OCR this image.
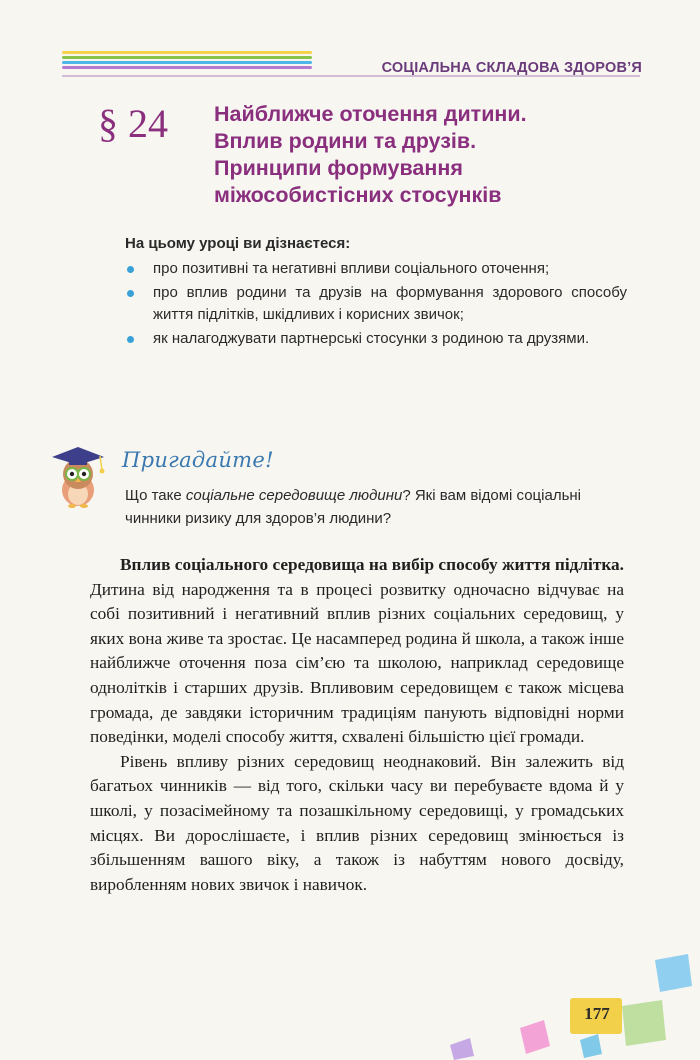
СОЦІАЛЬНА СКЛАДОВА ЗДОРОВ’Я
§ 24 Найближче оточення дитини.
Вплив родини та друзів.
Принципи формування
міжособистісних стосунків
На цьому уроці ви дізнаєтеся:
про позитивні та негативні впливи соціального оточення;
про вплив родини та друзів на формування здорового способу життя підлітків, шкідливих і корисних звичок;
як налагоджувати партнерські стосунки з родиною та друзями.
Пригадайте!
Що таке соціальне середовище людини? Які вам відомі соціальні чинники ризику для здоров’я людини?

Вплив соціального середовища на вибір способу життя підлітка. Дитина від народження та в процесі розвитку одночасно відчуває на собі позитивний і негативний вплив різних соціальних середовищ, у яких вона живе та зростає. Це насамперед родина й школа, а також інше найближче оточення поза сім’єю та школою, наприклад середовище однолітків і старших друзів. Впливовим середовищем є також місцева громада, де завдяки історичним традиціям панують відповідні норми поведінки, моделі способу життя, схвалені більшістю цієї громади.

Рівень впливу різних середовищ неоднаковий. Він залежить від багатьох чинників — від того, скільки часу ви перебуваєте вдома й у школі, у позасімейному та позашкільному середовищі, у громадських місцях. Ви дорослішаєте, і вплив різних середовищ змінюється із збільшенням вашого віку, а також із набуттям нового досвіду, виробленням нових звичок і навичок.

177
